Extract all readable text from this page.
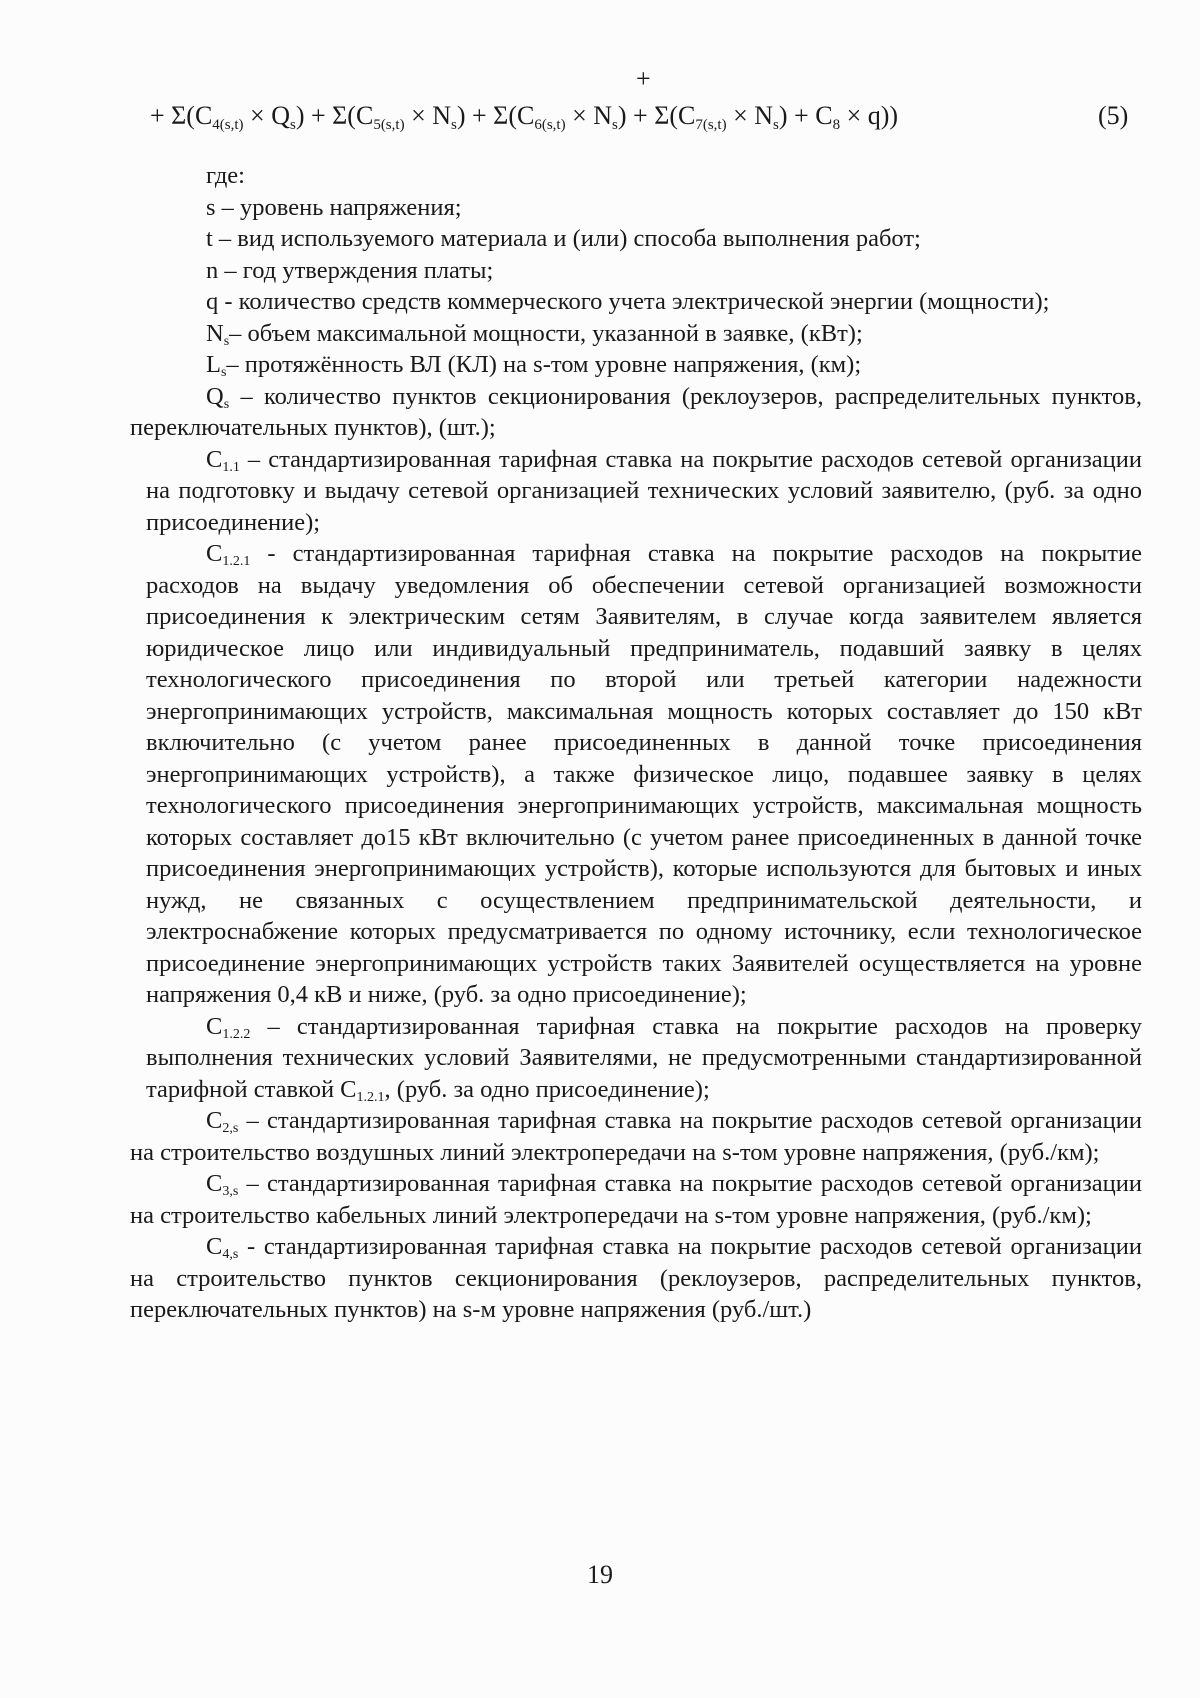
+
+ $\Sigma(C_{4(s,t)} \times Q_s) + \Sigma(C_{5(s,t)} \times N_s) + \Sigma(C_{6(s,t)} \times N_s) + \Sigma(C_{7(s,t)} \times N_s) + C_8 \times q$))	(5)

где:

s – уровень напряжения;

t – вид используемого материала и (или) способа выполнения работ;

n – год утверждения платы;

q - количество средств коммерческого учета электрической энергии (мощности);

$N_s-$ объем максимальной мощности, указанной в заявке, (кВт);

$L_s-$ протяжённость ВЛ (КЛ) на s-том уровне напряжения, (км);

$Q_s$ – количество пунктов секционирования (реклоузеров, распределительных пунктов, переключательных пунктов), (шт.);

$C_{1.1}$ – стандартизированная тарифная ставка на покрытие расходов сетевой организации на подготовку и выдачу сетевой организацией технических условий заявителю, (руб. за одно присоединение);

$C_{1.2.1}$ - стандартизированная тарифная ставка на покрытие расходов на покрытие расходов на выдачу уведомления об обеспечении сетевой организацией возможности присоединения к электрическим сетям Заявителям, в случае когда заявителем является юридическое лицо или индивидуальный предприниматель, подавший заявку в целях технологического присоединения по второй или третьей категории надежности энергопринимающих устройств, максимальная мощность которых составляет до 150 кВт включительно (с учетом ранее присоединенных в данной точке присоединения энергопринимающих устройств), а также физическое лицо, подавшее заявку в целях технологического присоединения энергопринимающих устройств, максимальная мощность которых составляет до15 кВт включительно (с учетом ранее присоединенных в данной точке присоединения энергопринимающих устройств), которые используются для бытовых и иных нужд, не связанных с осуществлением предпринимательской деятельности, и электроснабжение которых предусматривается по одному источнику, если технологическое присоединение энергопринимающих устройств таких Заявителей осуществляется на уровне напряжения 0,4 кВ и ниже, (руб. за одно присоединение);

$C_{1.2.2}$ – стандартизированная тарифная ставка на покрытие расходов на проверку выполнения технических условий Заявителями, не предусмотренными стандартизированной тарифной ставкой $C_{1.2.1}$, (руб. за одно присоединение);

$C_{2,s}$ – стандартизированная тарифная ставка на покрытие расходов сетевой организации на строительство воздушных линий электропередачи на s-том уровне напряжения, (руб./км);

$C_{3,s}$ – стандартизированная тарифная ставка на покрытие расходов сетевой организации на строительство кабельных линий электропередачи на s-том уровне напряжения, (руб./км);

$C_{4,s}$ - стандартизированная тарифная ставка на покрытие расходов сетевой организации на строительство пунктов секционирования (реклоузеров, распределительных пунктов, переключательных пунктов) на s-м уровне напряжения (руб./шт.)

19
